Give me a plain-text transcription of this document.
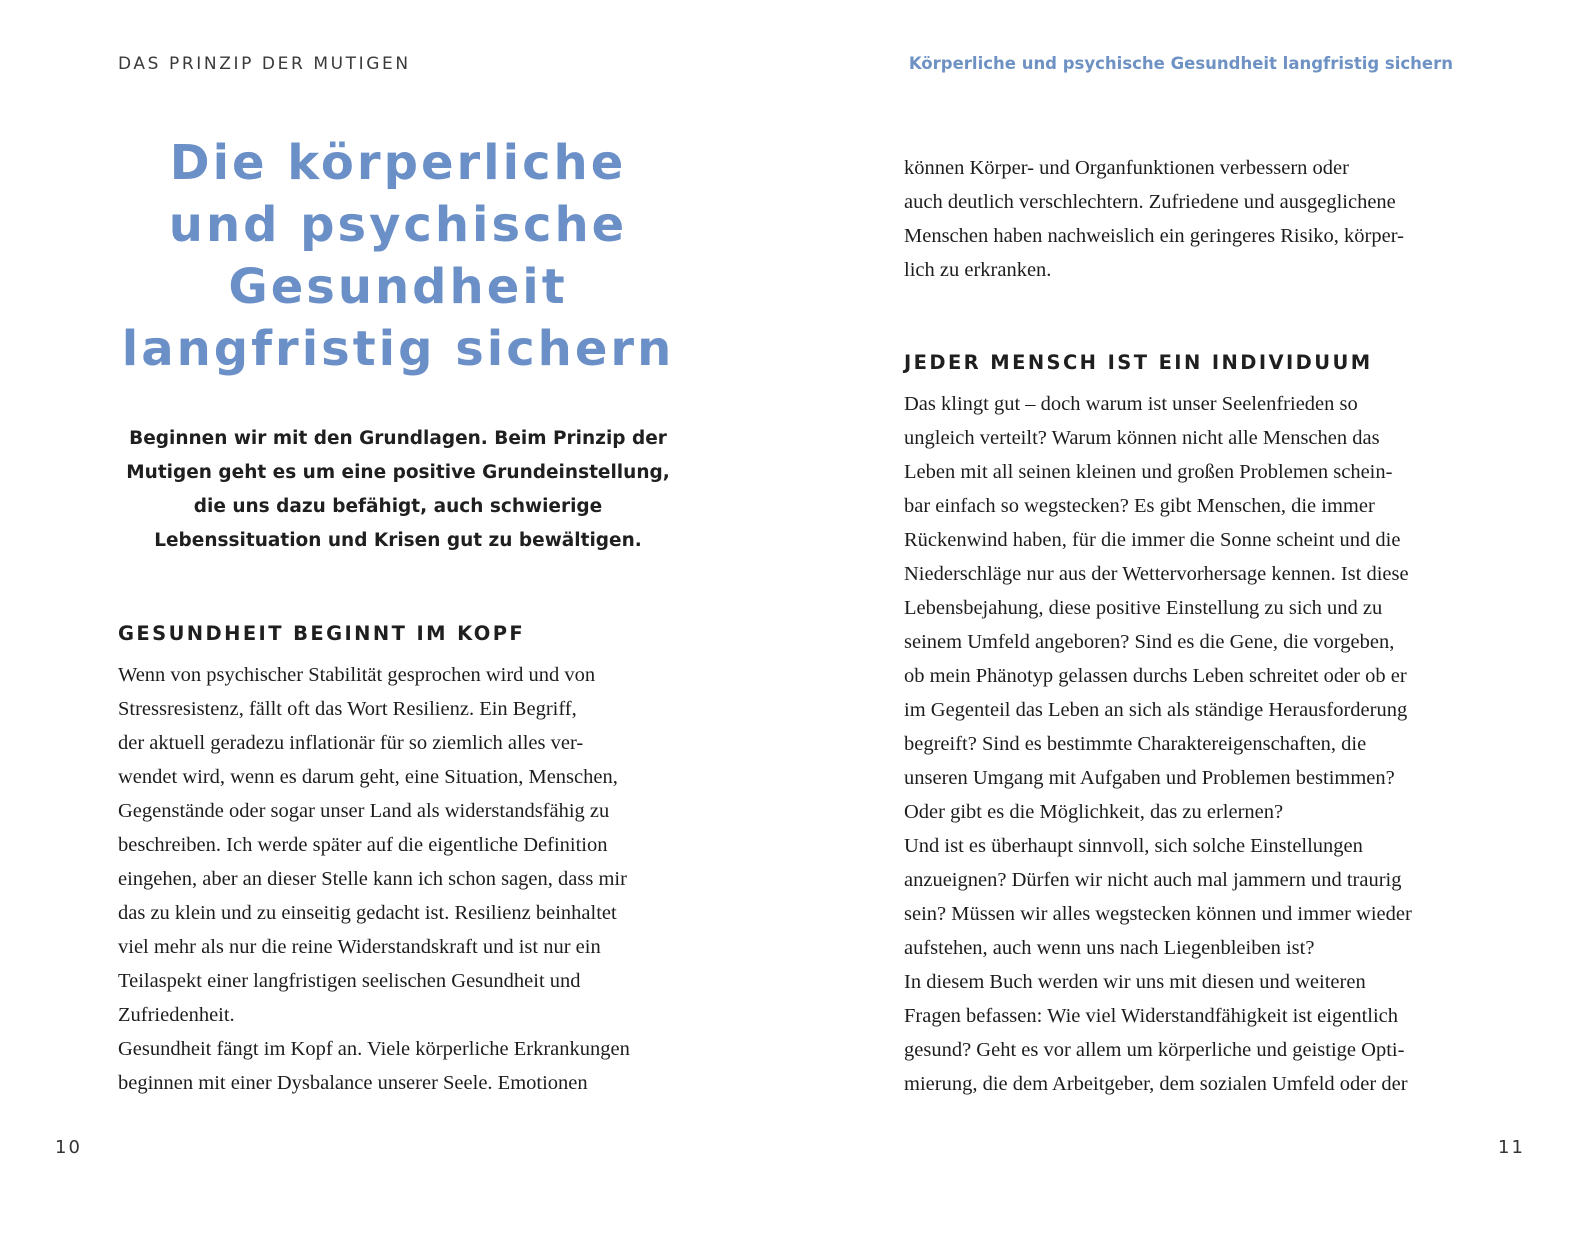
DAS PRINZIP DER MUTIGEN
Die körperliche
und psychische
Gesundheit
langfristig sichern

Beginnen wir mit den Grundlagen. Beim Prinzip der
Mutigen geht es um eine positive Grundeinstellung,
die uns dazu befähigt, auch schwierige
Lebenssituation und Krisen gut zu bewältigen.

GESUNDHEIT BEGINNT IM KOPF

Wenn von psychischer Stabilität gesprochen wird und von
Stressresistenz, fällt oft das Wort Resilienz. Ein Begriff,
der aktuell geradezu inflationär für so ziemlich alles ver-
wendet wird, wenn es darum geht, eine Situation, Menschen,
Gegenstände oder sogar unser Land als widerstandsfähig zu
beschreiben. Ich werde später auf die eigentliche Definition
eingehen, aber an dieser Stelle kann ich schon sagen, dass mir
das zu klein und zu einseitig gedacht ist. Resilienz beinhaltet
viel mehr als nur die reine Widerstandskraft und ist nur ein
Teilaspekt einer langfristigen seelischen Gesundheit und
Zufriedenheit.
Gesundheit fängt im Kopf an. Viele körperliche Erkrankungen
beginnen mit einer Dysbalance unserer Seele. Emotionen

10
Körperliche und psychische Gesundheit langfristig sichern

können Körper- und Organfunktionen verbessern oder
auch deutlich verschlechtern. Zufriedene und ausgeglichene
Menschen haben nachweislich ein geringeres Risiko, körper-
lich zu erkranken.

JEDER MENSCH IST EIN INDIVIDUUM

Das klingt gut – doch warum ist unser Seelenfrieden so
ungleich verteilt? Warum können nicht alle Menschen das
Leben mit all seinen kleinen und großen Problemen schein-
bar einfach so wegstecken? Es gibt Menschen, die immer
Rückenwind haben, für die immer die Sonne scheint und die
Niederschläge nur aus der Wettervorhersage kennen. Ist diese
Lebensbejahung, diese positive Einstellung zu sich und zu
seinem Umfeld angeboren? Sind es die Gene, die vorgeben,
ob mein Phänotyp gelassen durchs Leben schreitet oder ob er
im Gegenteil das Leben an sich als ständige Herausforderung
begreift? Sind es bestimmte Charaktereigenschaften, die
unseren Umgang mit Aufgaben und Problemen bestimmen?
Oder gibt es die Möglichkeit, das zu erlernen?
Und ist es überhaupt sinnvoll, sich solche Einstellungen
anzueignen? Dürfen wir nicht auch mal jammern und traurig
sein? Müssen wir alles wegstecken können und immer wieder
aufstehen, auch wenn uns nach Liegenbleiben ist?
In diesem Buch werden wir uns mit diesen und weiteren
Fragen befassen: Wie viel Widerstandfähigkeit ist eigentlich
gesund? Geht es vor allem um körperliche und geistige Opti-
mierung, die dem Arbeitgeber, dem sozialen Umfeld oder der

11
